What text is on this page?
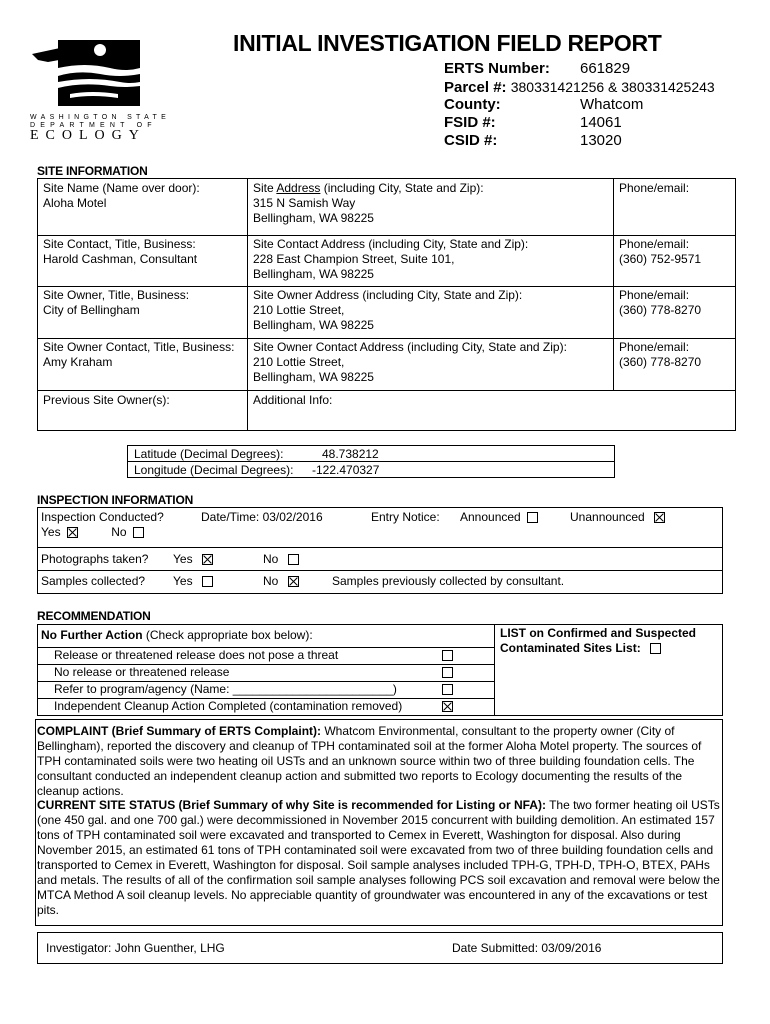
WASHINGTON STATE
DEPARTMENT OF
ECOLOGY
INITIAL INVESTIGATION FIELD REPORT
ERTS Number: 661829
Parcel #: 380331421256 & 380331425243
County:	Whatcom
FSID #:	14061
CSID #:	13020
SITE INFORMATION
Site Name (Name over door):
Aloha Motel
Site Address (including City, State and Zip):
315 N Samish Way
Bellingham, WA 98225
Phone/email:
Site Contact, Title, Business:
Harold Cashman, Consultant
Site Contact Address (including City, State and Zip):
228 East Champion Street, Suite 101,
Bellingham, WA 98225
Phone/email:
(360) 752-9571
Site Owner, Title, Business:
City of Bellingham
Site Owner Address (including City, State and Zip):
210 Lottie Street,
Bellingham, WA 98225
Phone/email:
(360) 778-8270
Site Owner Contact, Title, Business:
Amy Kraham
Site Owner Contact Address (including City, State and Zip):
210 Lottie Street,
Bellingham, WA 98225
Phone/email:
(360) 778-8270
Previous Site Owner(s):	Additional Info:
Latitude (Decimal Degrees):	48.738212
Longitude (Decimal Degrees): -122.470327
INSPECTION INFORMATION
Inspection Conducted?
Yes	No
Date/Time: 03/02/2016	Entry Notice: Announced	Unannounced
Photographs taken? Yes	No
Samples collected? Yes	No	Samples previously collected by consultant.
RECOMMENDATION
No Further Action (Check appropriate box below):
Release or threatened release does not pose a threat
No release or threatened release
Refer to program/agency (Name: ________________________)
Independent Cleanup Action Completed (contamination removed)
LIST on Confirmed and Suspected Contaminated Sites List:
COMPLAINT (Brief Summary of ERTS Complaint): Whatcom Environmental, consultant to the property owner (City of Bellingham), reported the discovery and cleanup of TPH contaminated soil at the former Aloha Motel property. The sources of TPH contaminated soils were two heating oil USTs and an unknown source within two of three building foundation cells. The consultant conducted an independent cleanup action and submitted two reports to Ecology documenting the results of the cleanup actions.
CURRENT SITE STATUS (Brief Summary of why Site is recommended for Listing or NFA): The two former heating oil USTs (one 450 gal. and one 700 gal.) were decommissioned in November 2015 concurrent with building demolition. An estimated 157 tons of TPH contaminated soil were excavated and transported to Cemex in Everett, Washington for disposal. Also during November 2015, an estimated 61 tons of TPH contaminated soil were excavated from two of three building foundation cells and transported to Cemex in Everett, Washington for disposal. Soil sample analyses included TPH-G, TPH-D, TPH-O, BTEX, PAHs and metals. The results of all of the confirmation soil sample analyses following PCS soil excavation and removal were below the MTCA Method A soil cleanup levels. No appreciable quantity of groundwater was encountered in any of the excavations or test pits.
Investigator: John Guenther, LHG	Date Submitted: 03/09/2016
